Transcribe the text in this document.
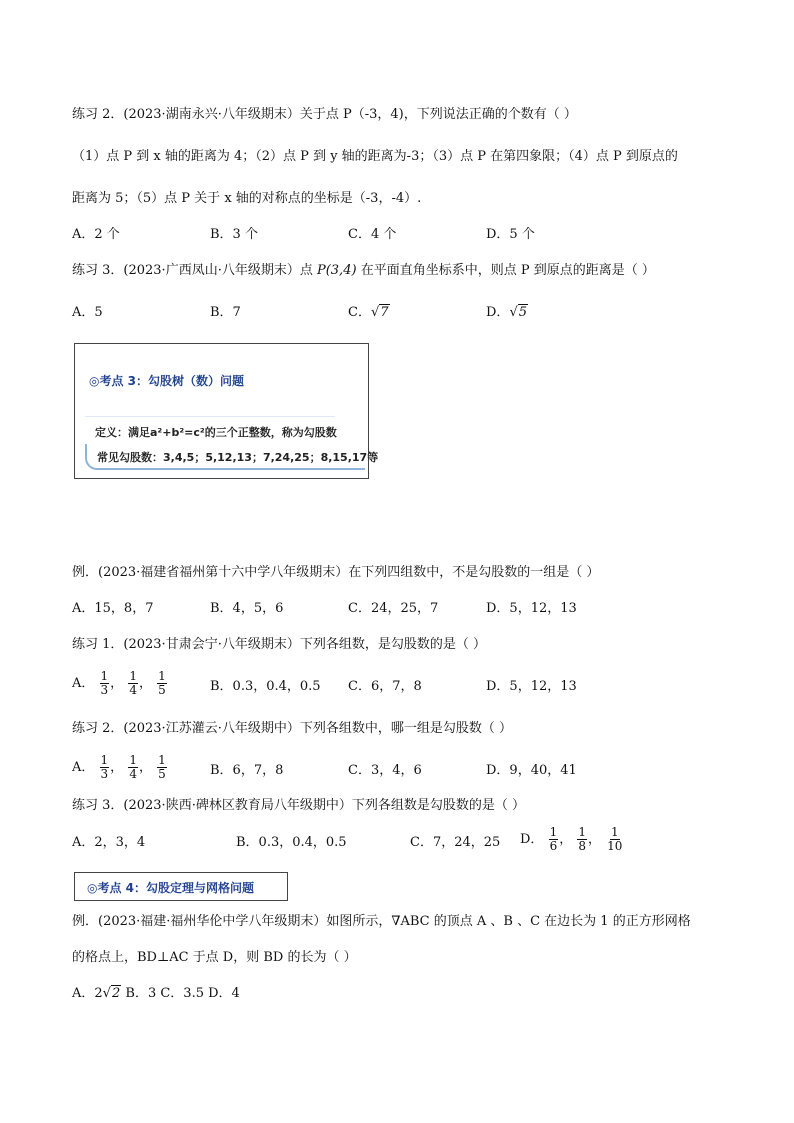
练习 2．(2023·湖南永兴·八年级期末）关于点 P（-3，4)，下列说法正确的个数有（ ）
（1）点 P 到 x 轴的距离为 4；（2）点 P 到 y 轴的距离为-3；（3）点 P 在第四象限；（4）点 P 到原点的
距离为 5；（5）点 P 关于 x 轴的对称点的坐标是（-3，-4）.
A．2 个	B．3 个	C．4 个	D．5 个
练习 3．(2023·广西凤山·八年级期末）点 P(3,4) 在平面直角坐标系中，则点 P 到原点的距离是（ ）
A．5	B．7	C．√7	D．√5
◎考点 3：勾股树（数）问题
定义：满足a²+b²=c²的三个正整数，称为勾股数
常见勾股数：3,4,5；5,12,13；7,24,25；8,15,17等
例．(2023·福建省福州第十六中学八年级期末）在下列四组数中，不是勾股数的一组是（ ）
A．15，8，7	B．4，5，6	C．24，25，7	D．5，12，13
练习 1．(2023·甘肃会宁·八年级期末）下列各组数，是勾股数的是（ ）
A． $\frac{1}{3}$ ， $\frac{1}{4}$ ， $\frac{1}{5}$	B．0.3，0.4，0.5 C．6，7，8	D．5，12，13
练习 2．(2023·江苏灌云·八年级期中）下列各组数中，哪一组是勾股数（ ）
A． $\frac{1}{3}$ ， $\frac{1}{4}$ ， $\frac{1}{5}$	B．6，7，8	C．3，4，6	D．9，40，41
练习 3．(2023·陕西·碑林区教育局八年级期中）下列各组数是勾股数的是（ ）
A．2，3，4	B．0.3，0.4，0.5	C．7，24，25 D． $\frac{1}{6}$ ， $\frac{1}{8}$ ， $\frac{1}{10}$
◎考点 4：勾股定理与网格问题
例．(2023·福建·福州华伦中学八年级期末）如图所示，∇ABC 的顶点 A 、B 、C 在边长为 1 的正方形网格
的格点上，BD⊥AC 于点 D，则 BD 的长为（ ）
A．2√2 B．3 C．3.5 D．4
